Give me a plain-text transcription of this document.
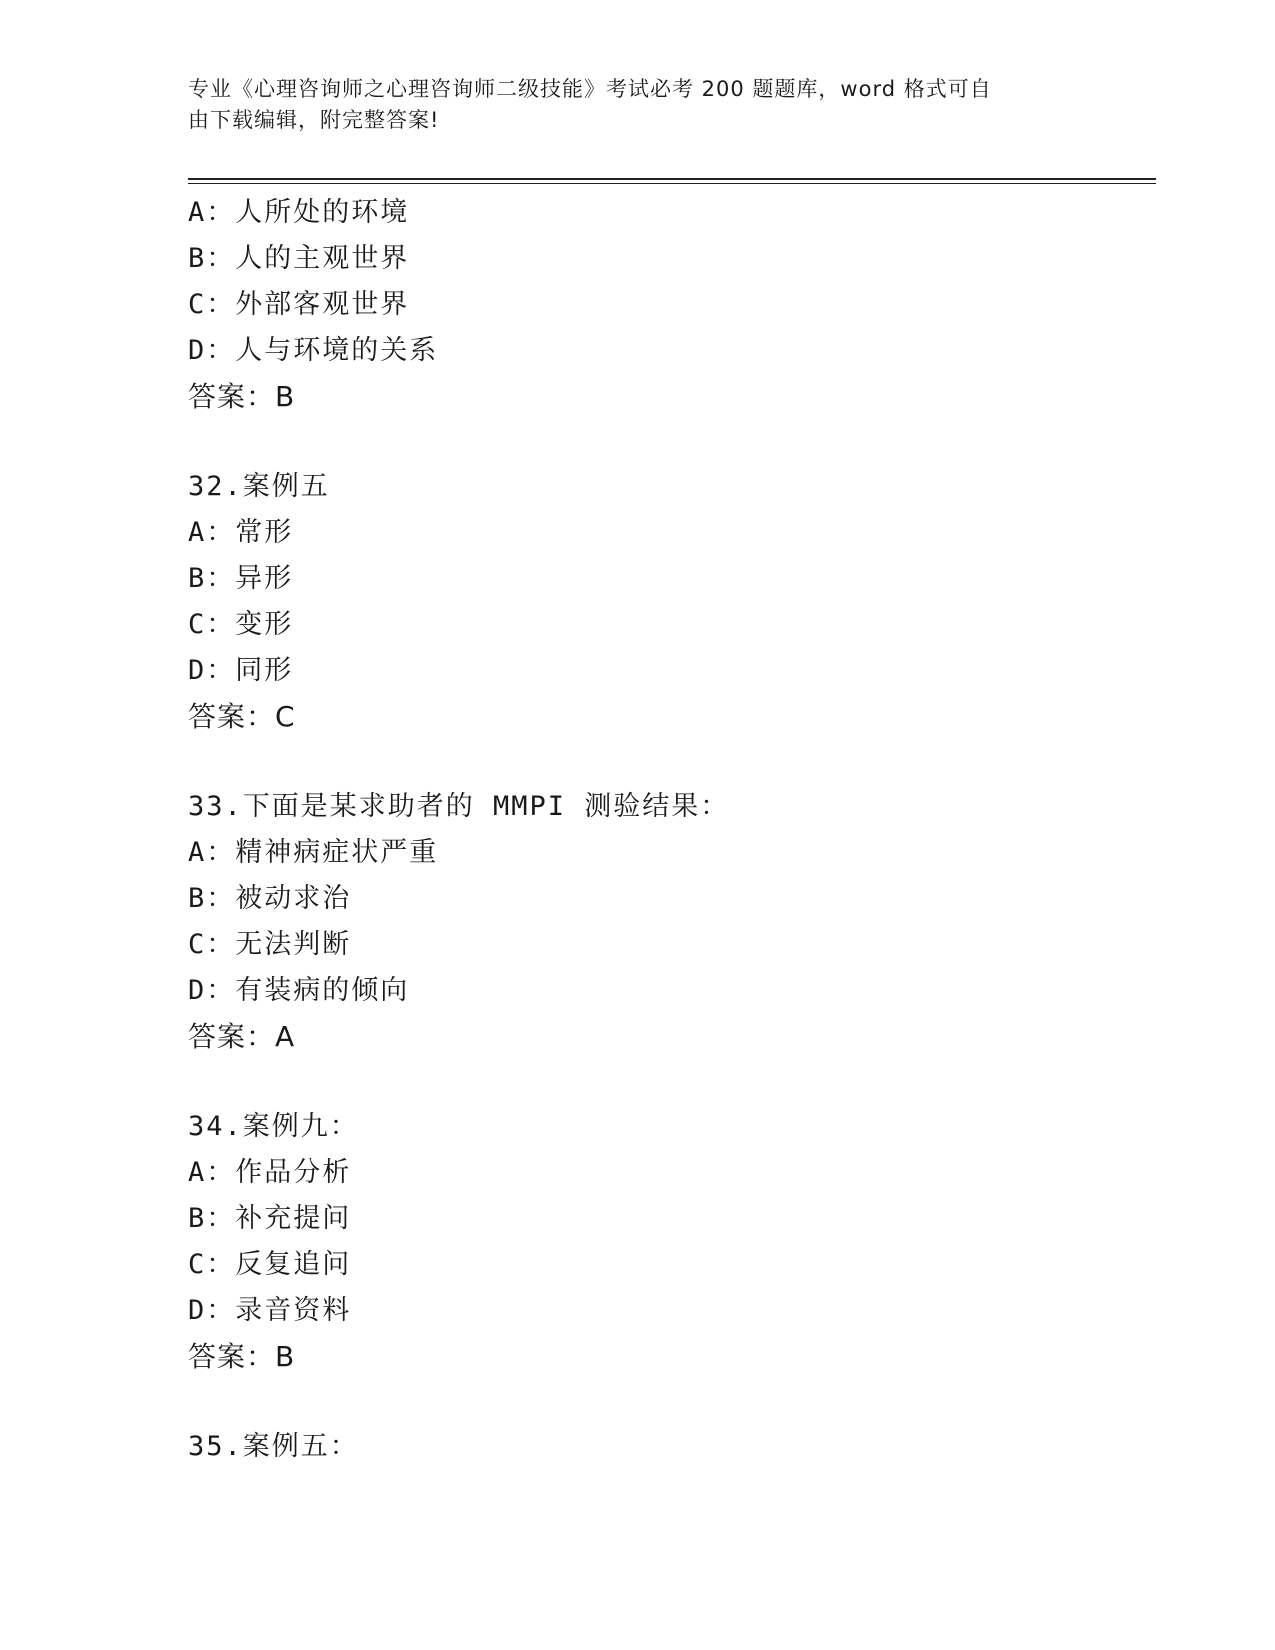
专业《心理咨询师之心理咨询师二级技能》考试必考 200 题题库，word 格式可自
由下载编辑，附完整答案!
A：人所处的环境
B：人的主观世界
C：外部客观世界
D：人与环境的关系
答案：B
32.案例五
A：常形
B：异形
C：变形
D：同形
答案：C
33.下面是某求助者的 MMPI 测验结果：
A：精神病症状严重
B：被动求治
C：无法判断
D：有装病的倾向
答案：A
34.案例九：
A：作品分析
B：补充提问
C：反复追问
D：录音资料
答案：B
35.案例五：
